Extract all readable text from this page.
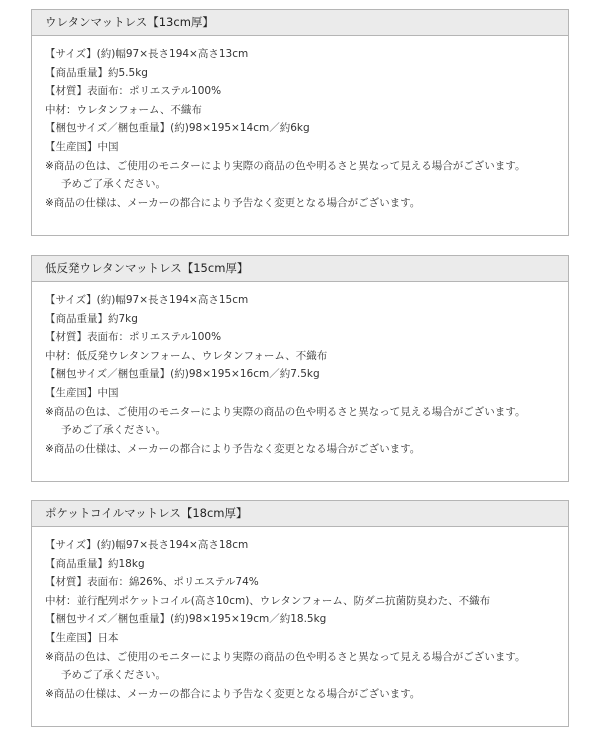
ウレタンマットレス【13cm厚】
【サイズ】(約)幅97×長さ194×高さ13cm
【商品重量】約5.5kg
【材質】表面布：ポリエステル100%
中材：ウレタンフォーム、不織布
【梱包サイズ／梱包重量】(約)98×195×14cm／約6kg
【生産国】中国
※商品の色は、ご使用のモニターにより実際の商品の色や明るさと異なって見える場合がございます。
予めご了承ください。
※商品の仕様は、メーカーの都合により予告なく変更となる場合がございます。
低反発ウレタンマットレス【15cm厚】
【サイズ】(約)幅97×長さ194×高さ15cm
【商品重量】約7kg
【材質】表面布：ポリエステル100%
中材：低反発ウレタンフォーム、ウレタンフォーム、不織布
【梱包サイズ／梱包重量】(約)98×195×16cm／約7.5kg
【生産国】中国
※商品の色は、ご使用のモニターにより実際の商品の色や明るさと異なって見える場合がございます。
予めご了承ください。
※商品の仕様は、メーカーの都合により予告なく変更となる場合がございます。
ポケットコイルマットレス【18cm厚】
【サイズ】(約)幅97×長さ194×高さ18cm
【商品重量】約18kg
【材質】表面布：綿26%、ポリエステル74%
中材：並行配列ポケットコイル(高さ10cm)、ウレタンフォーム、防ダニ抗菌防臭わた、不織布
【梱包サイズ／梱包重量】(約)98×195×19cm／約18.5kg
【生産国】日本
※商品の色は、ご使用のモニターにより実際の商品の色や明るさと異なって見える場合がございます。
予めご了承ください。
※商品の仕様は、メーカーの都合により予告なく変更となる場合がございます。
